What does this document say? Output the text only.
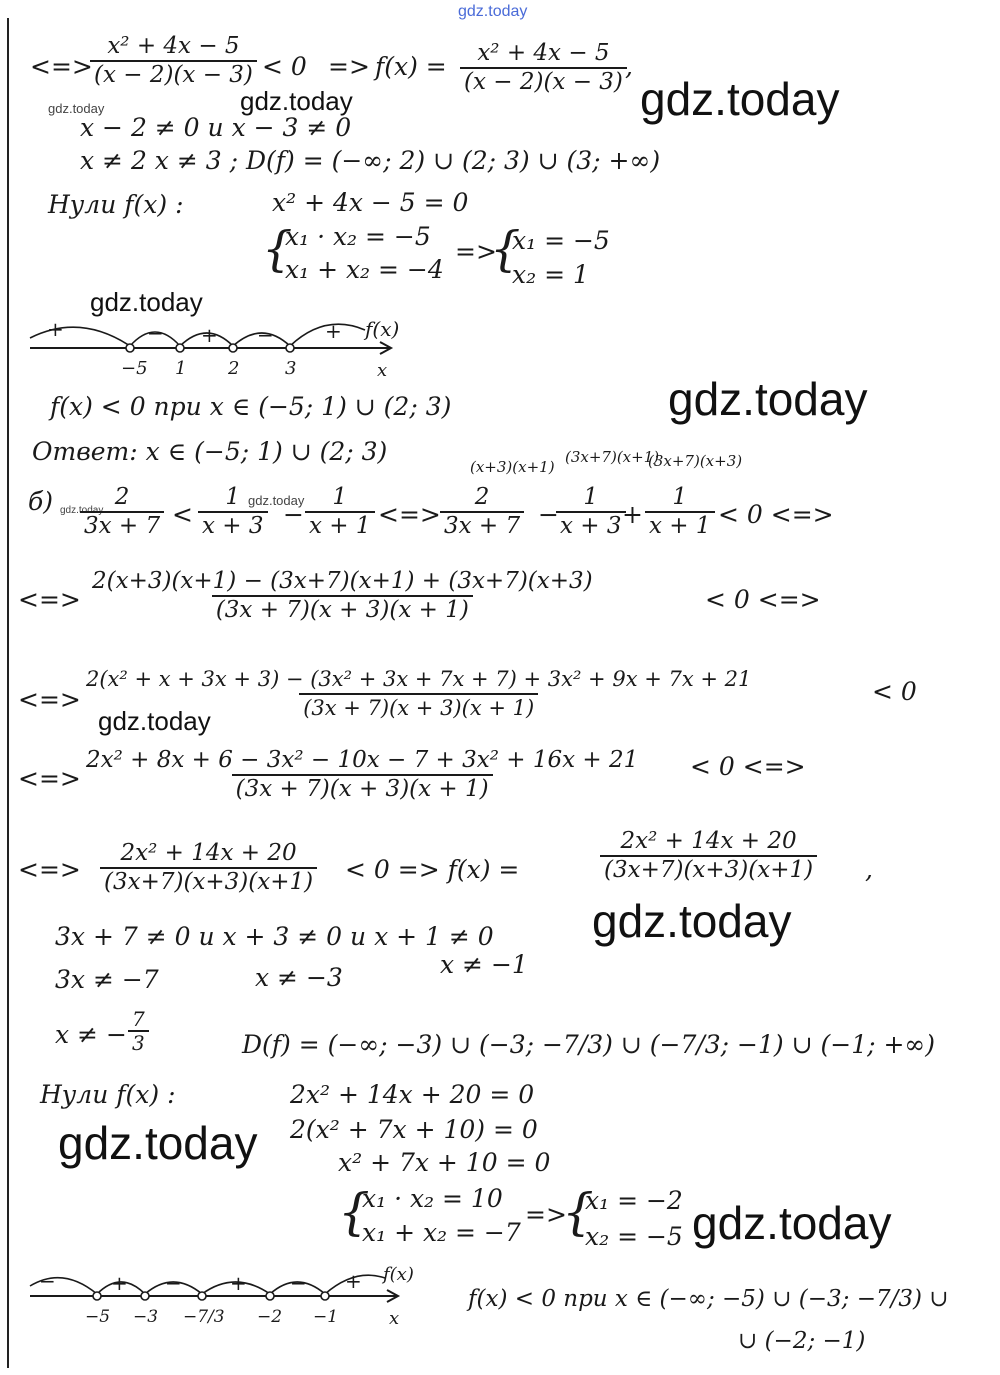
gdz.today
<=>
$\frac{\text{x² + 4x − 5}}{(x - 2)(x - 3)} < 0 => f(x) = \frac{\text{x² + 4x − 5}}{(x - 2)(x - 3)}$
,
gdz.today
gdz.today	gdz.today
x − 2 ≠ 0 и x − 3 ≠ 0
x ≠ 2 x ≠ 3 ; D(f) = (−∞; 2) ∪ (2; 3) ∪ (3; +∞)
Нули f(x) :	x² + 4x − 5 = 0
{
x₁ · x₂ = −5
x₁ + x₂ = −4
=>
{
x₁ = −5
x₂ = 1
gdz.today
+	− + −	+ f(x)
−5 1 2	3	x
f(x) < 0 при x ∈ (−5; 1) ∪ (2; 3)	gdz.today
Ответ: x ∈ (−5; 1) ∪ (2; 3)
(x+3)(x+1)
(3x+7)(x+1)
(3x+7)(x+3)
б) gdz.today
$\frac{2}{3x + 7} < \frac{1}{x + 3}$ −
gdz.today $\frac{1}{x + 1}$ <=> $\frac{2}{3x + 7}$ −
$\frac{1}{x + 3}$
+ $\frac{1}{x + 1} < 0$ <=>
<=> $\frac{2(x+3)(x+1) - (3x+7)(x+1) + (3x+7)(x+3)}{(3x + 7)(x + 3)(x + 1)}$	< 0 <=>
<=>
2(x² + x + 3x + 3) − (3x² + 3x + 7x + 7) + 3x² + 9x + 7x + 21
(3x + 7)(x + 3)(x + 1)
< 0
gdz.today
<=> $\frac{\text{2x² + 8x + 6 − 3x² − 10x − 7 + 3x² + 16x + 21}}{(3x + 7)(x + 3)(x + 1)} < 0$ <=>
<=> $\frac{\text{2x² + 14x + 20}}{(3x+7)(x+3)(x+1)} < 0 => f(x)$ =	$\frac{\text{2x² + 14x + 20}}{(3x+7)(x+3)(x+1)}$ ,
gdz.today
3x + 7 ≠ 0 и x + 3 ≠ 0 и x + 1 ≠ 0
3x ≠ −7	x ≠ −3	x ≠ −1
x ≠ − $\frac{7}{3}$	D(f) = (−∞; −3) ∪ (−3; −7/3) ∪ (−7/3; −1) ∪ (−1; +∞)
Нули f(x) :	2x² + 14x + 20 = 0
gdz.today 2(x² + 7x + 10) = 0
x² + 7x + 10 = 0
{
x₁ · x₂ = 10
x₁ + x₂ = −7
=>
{
x₁ = −2
x₂ = −5 gdz.today
−	+ − + − + f(x)
−5 −3 −7/3 −2 −1	x
f(x) < 0 при x ∈ (−∞; −5) ∪ (−3; −7/3) ∪
∪ (−2; −1)
